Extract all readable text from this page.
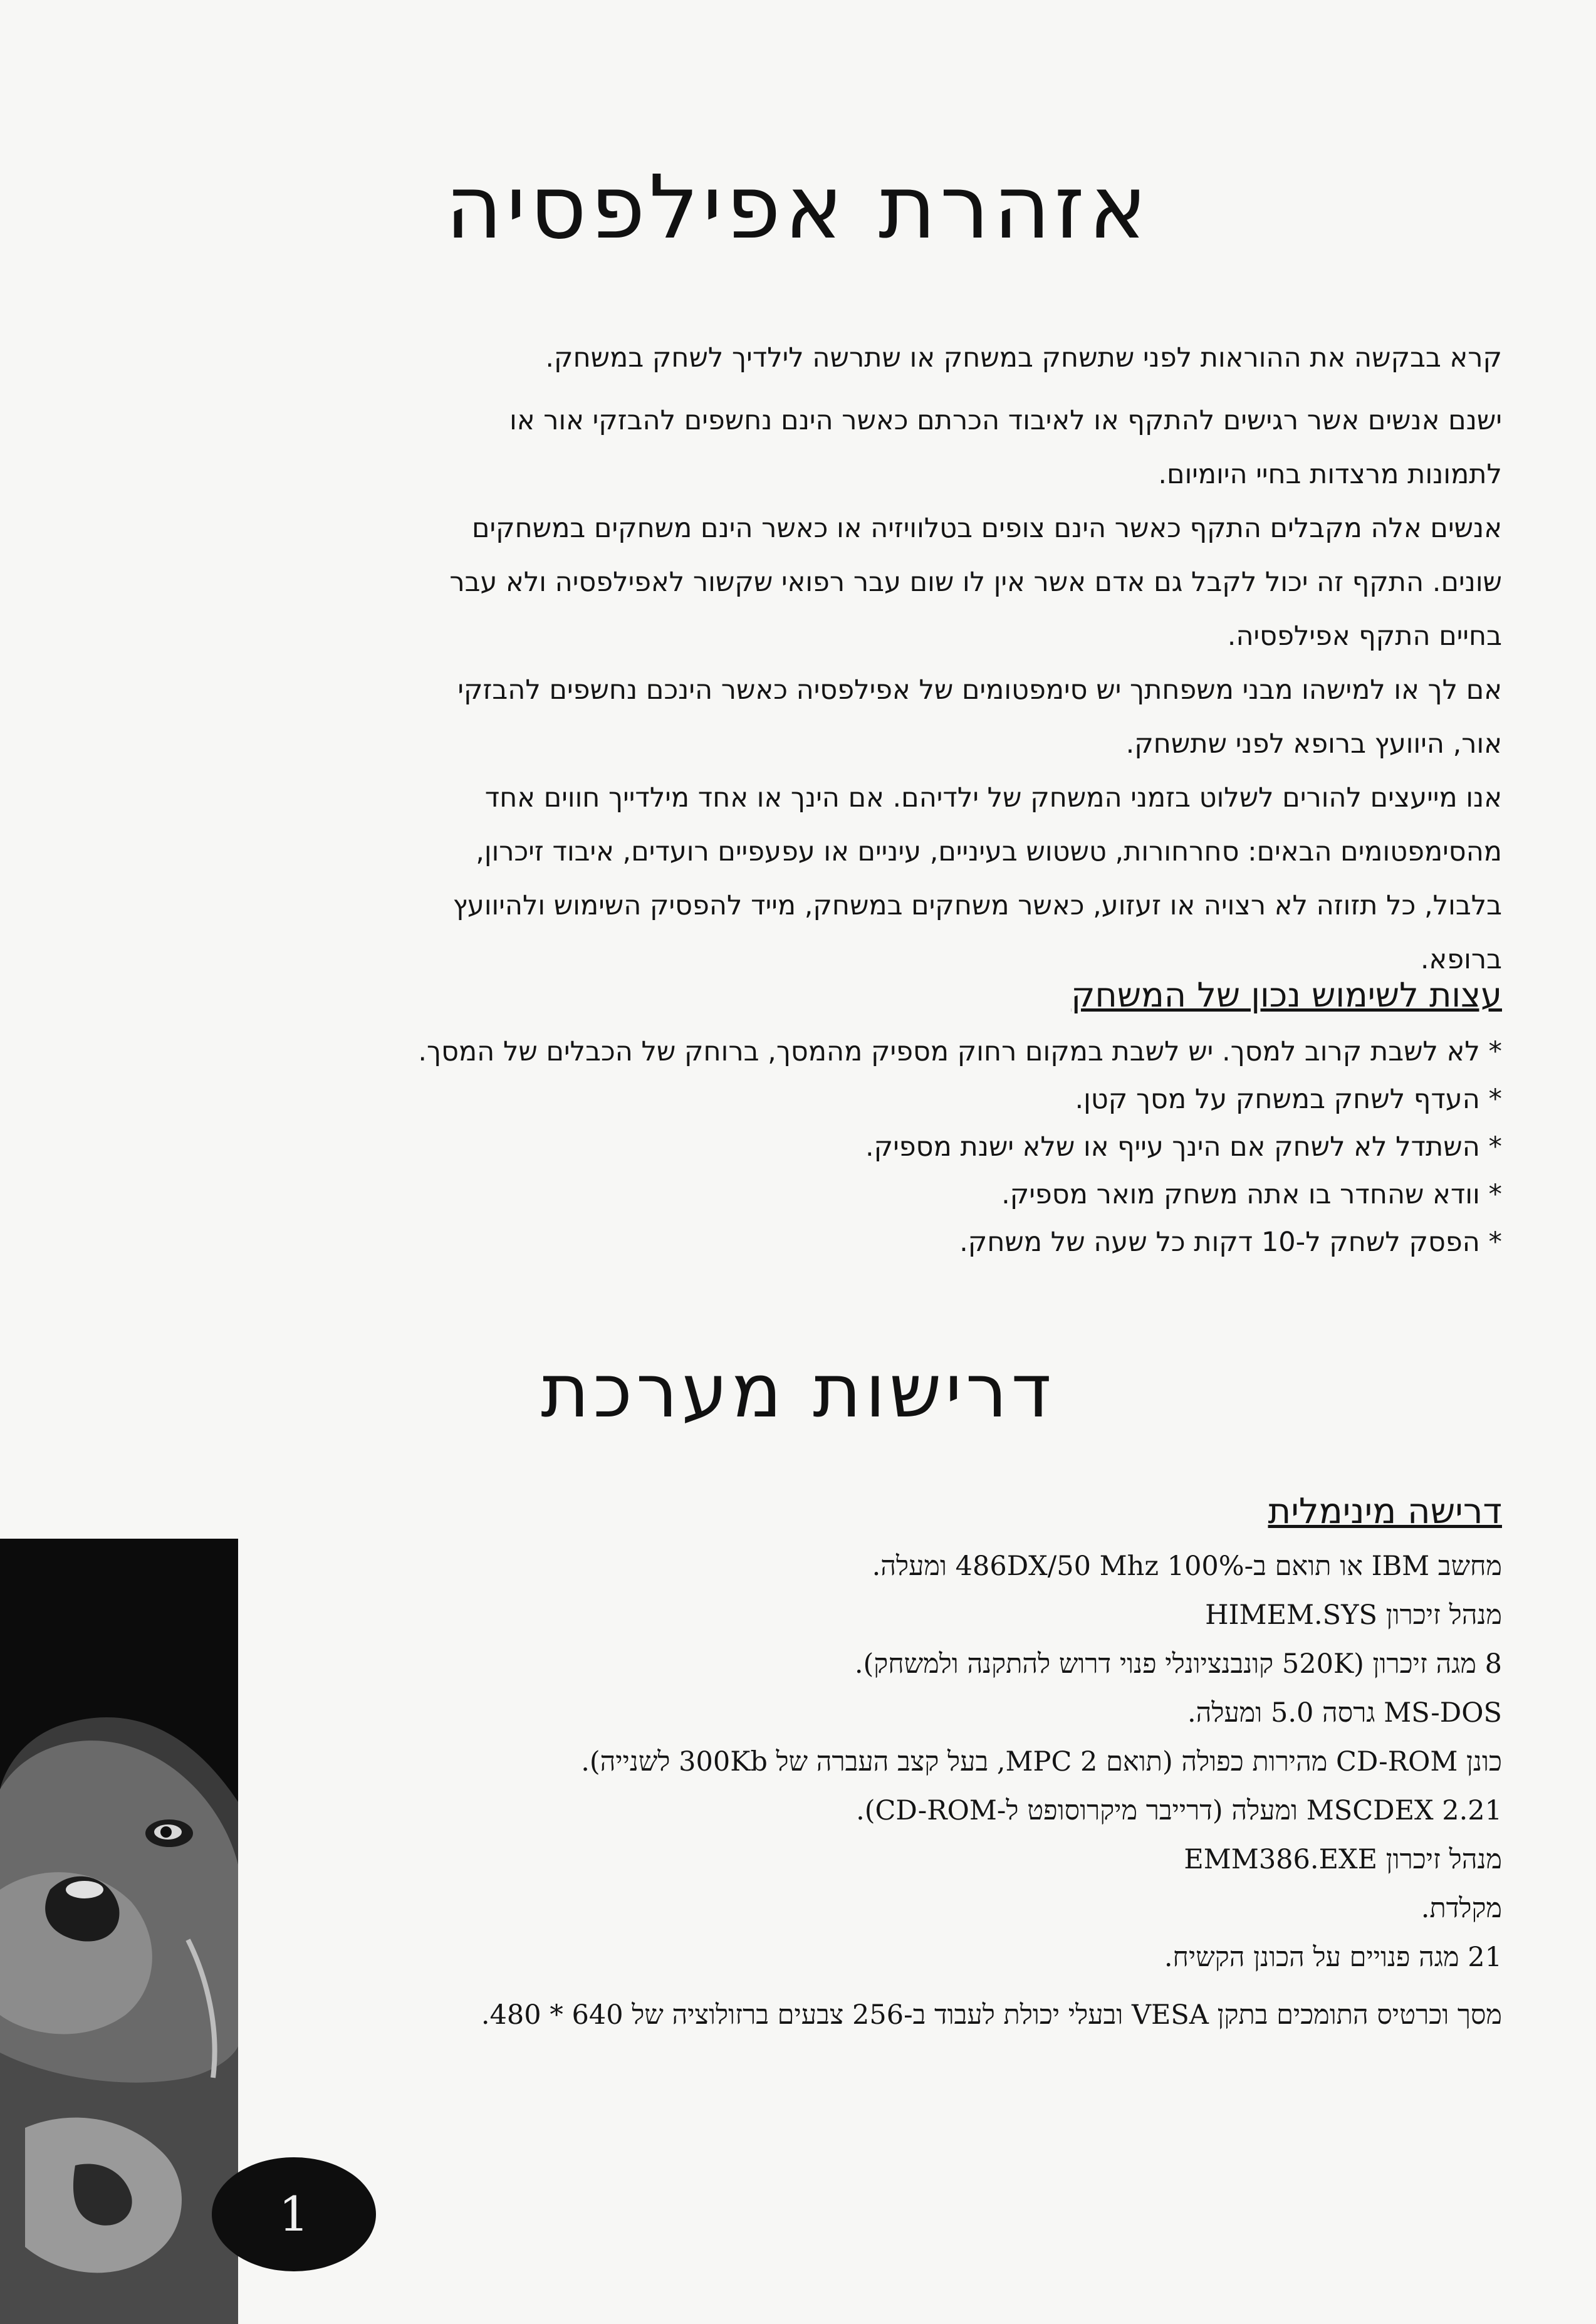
אזהרת אפילפסיה
קרא בבקשה את ההוראות לפני שתשחק במשחק או שתרשה לילדיך לשחק במשחק.
ישנם אנשים אשר רגישים להתקף או לאיבוד הכרתם כאשר הינם נחשפים להבזקי אור או
לתמונות מרצדות בחיי היומיום.
אנשים אלה מקבלים התקף כאשר הינם צופים בטלוויזיה או כאשר הינם משחקים במשחקים
שונים. התקף זה יכול לקבל גם אדם אשר אין לו שום עבר רפואי שקשור לאפילפסיה ולא עבר
בחיים התקף אפילפסיה.
אם לך או למישהו מבני משפחתך יש סימפטומים של אפילפסיה כאשר הינכם נחשפים להבזקי
אור, היוועץ ברופא לפני שתשחק.
אנו מייעצים להורים לשלוט בזמני המשחק של ילדיהם. אם הינך או אחד מילדייך חווים אחד
מהסימפטומים הבאים: סחרחורות, טשטוש בעיניים, עיניים או עפעפיים רועדים, איבוד זיכרון,
בלבול, כל תזוזה לא רצויה או זעזוע, כאשר משחקים במשחק, מייד להפסיק השימוש ולהיוועץ
ברופא.
עצות לשימוש נכון של המשחק
* לא לשבת קרוב למסך. יש לשבת במקום רחוק מספיק מהמסך, ברוחק של הכבלים של המסך.
* העדף לשחק במשחק על מסך קטן.
* השתדל לא לשחק אם הינך עייף או שלא ישנת מספיק.
* וודא שהחדר בו אתה משחק מואר מספיק.
* הפסק לשחק ל-10 דקות כל שעה של משחק.
דרישות מערכת
דרישה מינימלית
מחשב IBM או תואם ב-100% 486DX/50 Mhz ומעלה.
מנהל זיכרון HIMEM.SYS
8 מגה זיכרון (520K קונבנציונלי פנוי דרוש להתקנה ולמשחק).
MS-DOS גרסה 5.0 ומעלה.
כונן CD-ROM מהירות כפולה (תואם MPC 2, בעל קצב העברה של 300Kb לשנייה).
MSCDEX 2.21 ומעלה (דרייבר מיקרוסופט ל-CD-ROM).
מנהל זיכרון EMM386.EXE
מקלדת.
21 מגה פנויים על הכונן הקשיח.
מסך וכרטיס התומכים בתקן VESA ובעלי יכולת לעבוד ב-256 צבעים ברזולוציה של 640 * 480.
1
